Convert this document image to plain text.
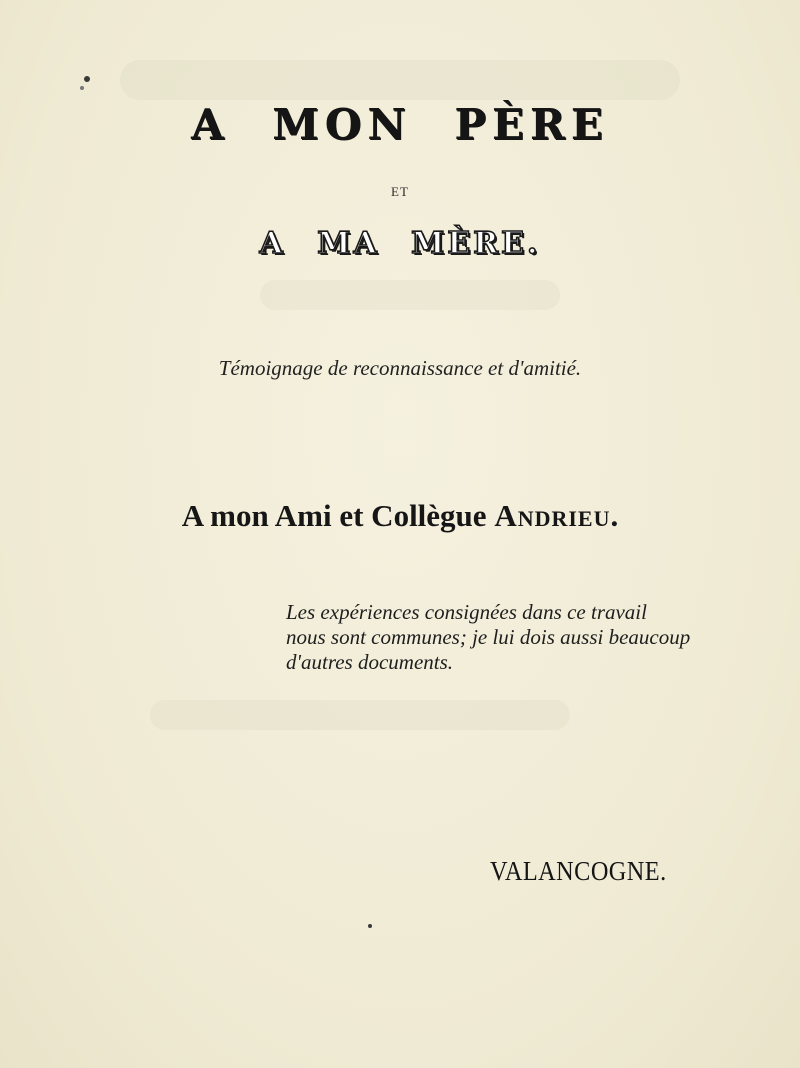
A MON PÈRE
ET
A MA MÈRE.
Témoignage de reconnaissance et d'amitié.
A mon Ami et Collègue Andrieu.
Les expériences consignées dans ce travail
nous sont communes; je lui dois aussi beaucoup
d'autres documents.
VALANCOGNE.
